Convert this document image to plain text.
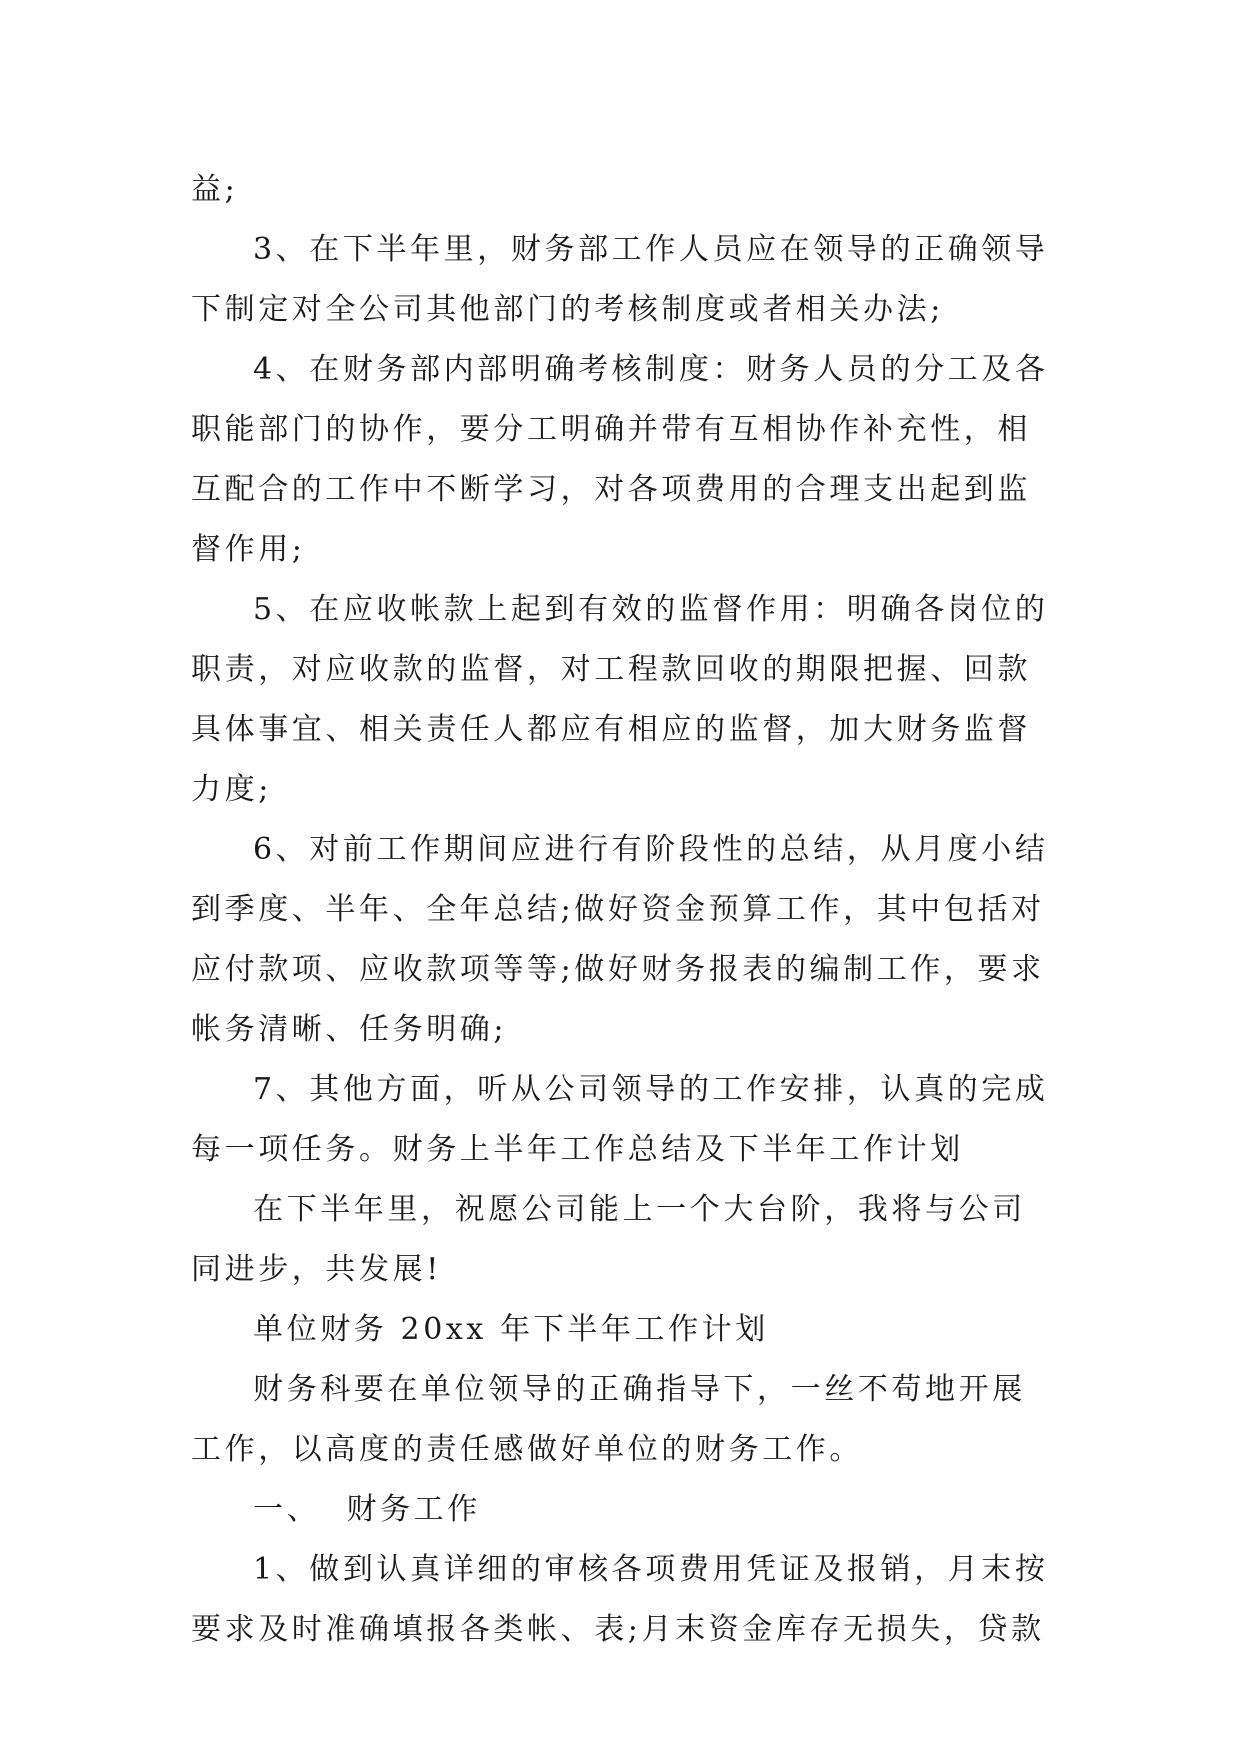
益;

3、在下半年里，财务部工作人员应在领导的正确领导下制定对全公司其他部门的考核制度或者相关办法;

4、在财务部内部明确考核制度：财务人员的分工及各职能部门的协作，要分工明确并带有互相协作补充性，相互配合的工作中不断学习，对各项费用的合理支出起到监督作用;

5、在应收帐款上起到有效的监督作用：明确各岗位的职责，对应收款的监督，对工程款回收的期限把握、回款具体事宜、相关责任人都应有相应的监督，加大财务监督力度;

6、对前工作期间应进行有阶段性的总结，从月度小结到季度、半年、全年总结;做好资金预算工作，其中包括对应付款项、应收款项等等;做好财务报表的编制工作，要求帐务清晰、任务明确;

7、其他方面，听从公司领导的工作安排，认真的完成每一项任务。财务上半年工作总结及下半年工作计划

在下半年里，祝愿公司能上一个大台阶，我将与公司同进步，共发展!

单位财务 20xx 年下半年工作计划

财务科要在单位领导的正确指导下，一丝不苟地开展工作，以高度的责任感做好单位的财务工作。

一、  财务工作

1、做到认真详细的审核各项费用凭证及报销，月末按要求及时准确填报各类帐、表;月末资金库存无损失，贷款
